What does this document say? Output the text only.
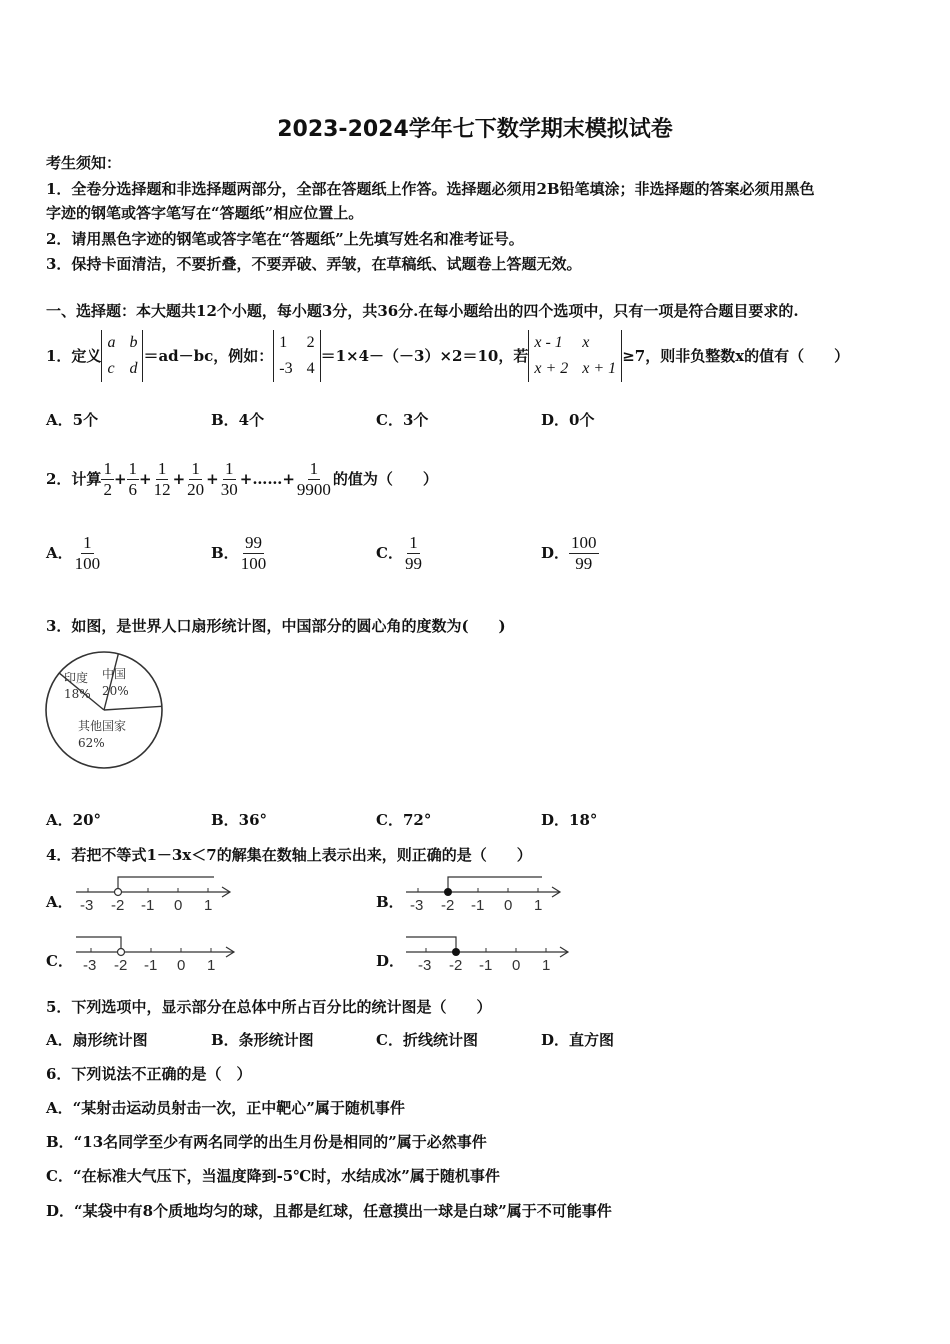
2023-2024学年七下数学期末模拟试卷
考生须知：
1．全卷分选择题和非选择题两部分，全部在答题纸上作答。选择题必须用2B铅笔填涂；非选择题的答案必须用黑色
字迹的钢笔或答字笔写在“答题纸”相应位置上。
2．请用黑色字迹的钢笔或答字笔在“答题纸”上先填写姓名和准考证号。
3．保持卡面清洁，不要折叠，不要弄破、弄皱，在草稿纸、试题卷上答题无效。
一、选择题：本大题共12个小题，每小题3分，共36分.在每小题给出的四个选项中，只有一项是符合题目要求的.
1．定义
a b
c d
＝ad－bc，例如：
1	2
-3 4
＝1×4－（－3）×2＝10，若
x - 1	x
x + 2 x + 1
≥7，则非负整数x的值有（　　）
A．5个	B．4个	C．3个	D．0个
2．计算 $\frac{1}{2} + \frac{1}{6} + \frac{1}{12} + \frac{1}{20} + \frac{1}{30}$ +……+ $\frac{1}{9900}$ 的值为（　　）
A． $\frac{1}{100}$	B． $\frac{99}{100}$	C． $\frac{1}{99}$	D． $\frac{100}{99}$
3．如图，是世界人口扇形统计图，中国部分的圆心角的度数为(　　)
印度
18%
中国
20%
其他国家
62%
A．20°	B．36°	C．72°	D．18°
4．若把不等式1－3x＜7的解集在数轴上表示出来，则正确的是（　　）
A．	B．
C．	D．
-3 -2 -1 0 1	-3 -2 -1 0 1
-3 -2 -1 0 1	-3 -2 -1 0 1
5．下列选项中，显示部分在总体中所占百分比的统计图是（　　）
A．扇形统计图	B．条形统计图	C．折线统计图	D．直方图
6．下列说法不正确的是（　）
A．“某射击运动员射击一次，正中靶心”属于随机事件
B．“13名同学至少有两名同学的出生月份是相同的”属于必然事件
C．“在标准大气压下，当温度降到-5℃时，水结成冰”属于随机事件
D．“某袋中有8个质地均匀的球，且都是红球，任意摸出一球是白球”属于不可能事件
